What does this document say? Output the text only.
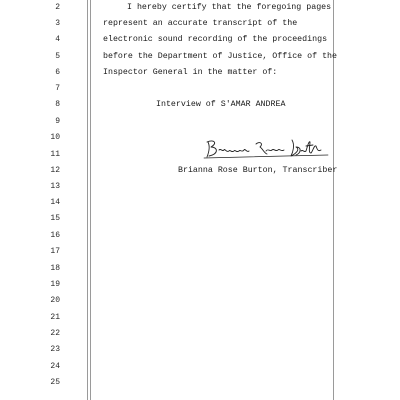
2
3
4
5
6
7
8
9
10
11
12
13
14
15
16
17
18
19
20
21
22
23
24
25
I hereby certify that the foregoing pages
represent an accurate transcript of the
electronic sound recording of the proceedings
before the Department of Justice, Office of the
Inspector General in the matter of:
Interview of S'AMAR ANDREA
Brianna Rose Burton, Transcriber
